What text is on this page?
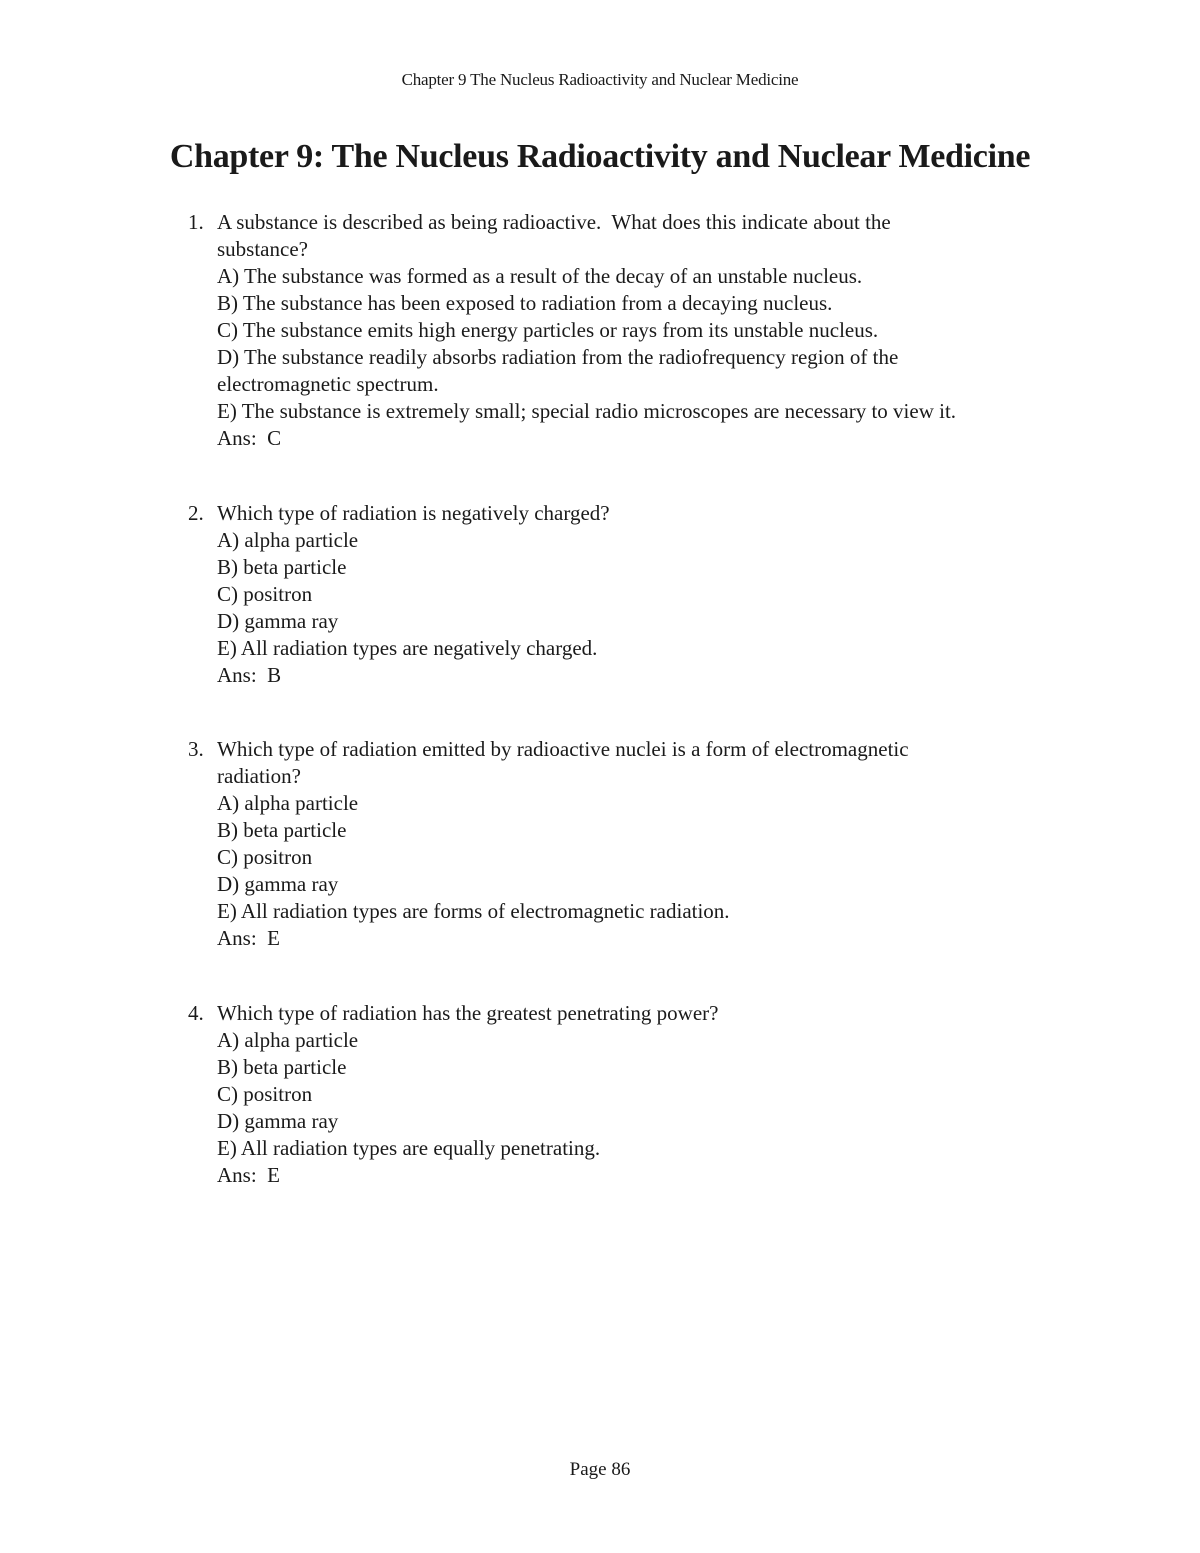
Chapter 9 The Nucleus Radioactivity and Nuclear Medicine
Chapter 9: The Nucleus Radioactivity and Nuclear Medicine
1. A substance is described as being radioactive.  What does this indicate about the
substance?
A) The substance was formed as a result of the decay of an unstable nucleus.
B) The substance has been exposed to radiation from a decaying nucleus.
C) The substance emits high energy particles or rays from its unstable nucleus.
D) The substance readily absorbs radiation from the radiofrequency region of the
electromagnetic spectrum.
E) The substance is extremely small; special radio microscopes are necessary to view it.
Ans:  C
2. Which type of radiation is negatively charged?
A) alpha particle
B) beta particle
C) positron
D) gamma ray
E) All radiation types are negatively charged.
Ans:  B
3. Which type of radiation emitted by radioactive nuclei is a form of electromagnetic
radiation?
A) alpha particle
B) beta particle
C) positron
D) gamma ray
E) All radiation types are forms of electromagnetic radiation.
Ans:  E
4. Which type of radiation has the greatest penetrating power?
A) alpha particle
B) beta particle
C) positron
D) gamma ray
E) All radiation types are equally penetrating.
Ans:  E
Page 86
